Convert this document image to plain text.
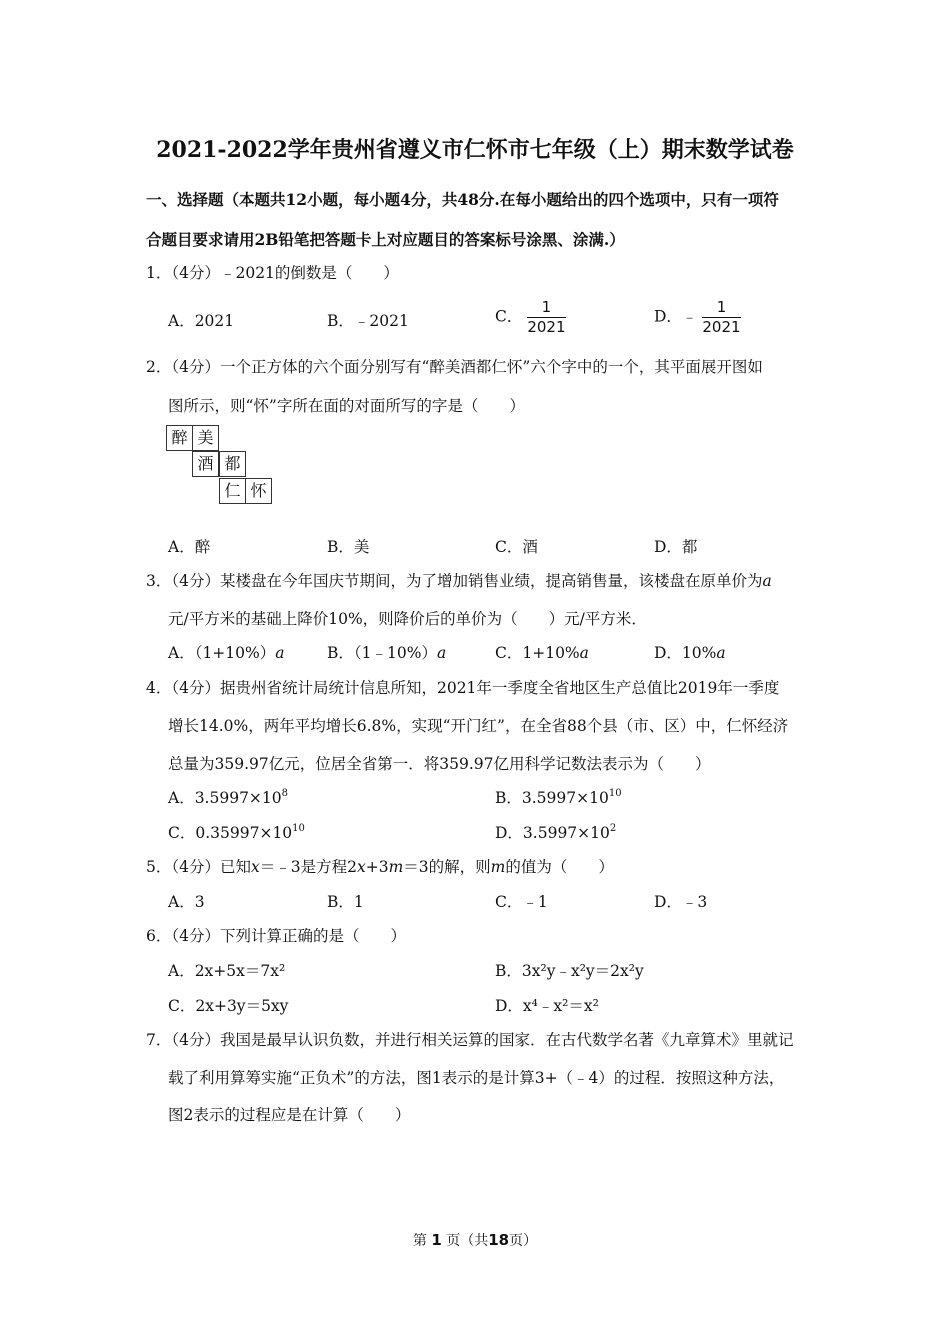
2021-2022学年贵州省遵义市仁怀市七年级（上）期末数学试卷
一、选择题（本题共12小题，每小题4分，共48分.在每小题给出的四个选项中，只有一项符
合题目要求请用2B铅笔把答题卡上对应题目的答案标号涂黑、涂满.）
1．（4分）﹣2021的倒数是（　　）
A．2021	B．﹣2021	C． $\frac{1}{2021}$	D．﹣ $\frac{1}{2021}$
2．（4分）一个正方体的六个面分别写有“醉美酒都仁怀”六个字中的一个，其平面展开图如
图所示，则“怀”字所在面的对面所写的字是（　　）
醉 美
酒 都
仁 怀
A．醉	B．美	C．酒	D．都
3．（4分）某楼盘在今年国庆节期间，为了增加销售业绩，提高销售量，该楼盘在原单价为a
元/平方米的基础上降价10%，则降价后的单价为（　　）元/平方米．
A．（1+10%）a	B．（1﹣10%）a	C．1+10%a	D．10%a
4．（4分）据贵州省统计局统计信息所知，2021年一季度全省地区生产总值比2019年一季度
增长14.0%，两年平均增长6.8%，实现“开门红”，在全省88个县（市、区）中，仁怀经济
总量为359.97亿元，位居全省第一．将359.97亿用科学记数法表示为（　　）
A．$3.5997\times 10^8$	B．$3.5997\times 10^{10}$
C．$0.35997\times 10^{10}$	D．$3.5997\times 10^2$
5．（4分）已知x＝﹣3是方程2x+3m＝3的解，则m的值为（　　）
A．3	B．1	C．﹣1	D．﹣3
6．（4分）下列计算正确的是（　　）
A．2x+5x＝7x²	B．3x²y﹣x²y＝2x²y
C．2x+3y＝5xy	D．x⁴﹣x²＝x²
7．（4分）我国是最早认识负数，并进行相关运算的国家．在古代数学名著《九章算术》里就记
载了利用算筹实施“正负术”的方法，图1表示的是计算3+（﹣4）的过程．按照这种方法，
图2表示的过程应是在计算（　　）
第 1 页（共18页）
